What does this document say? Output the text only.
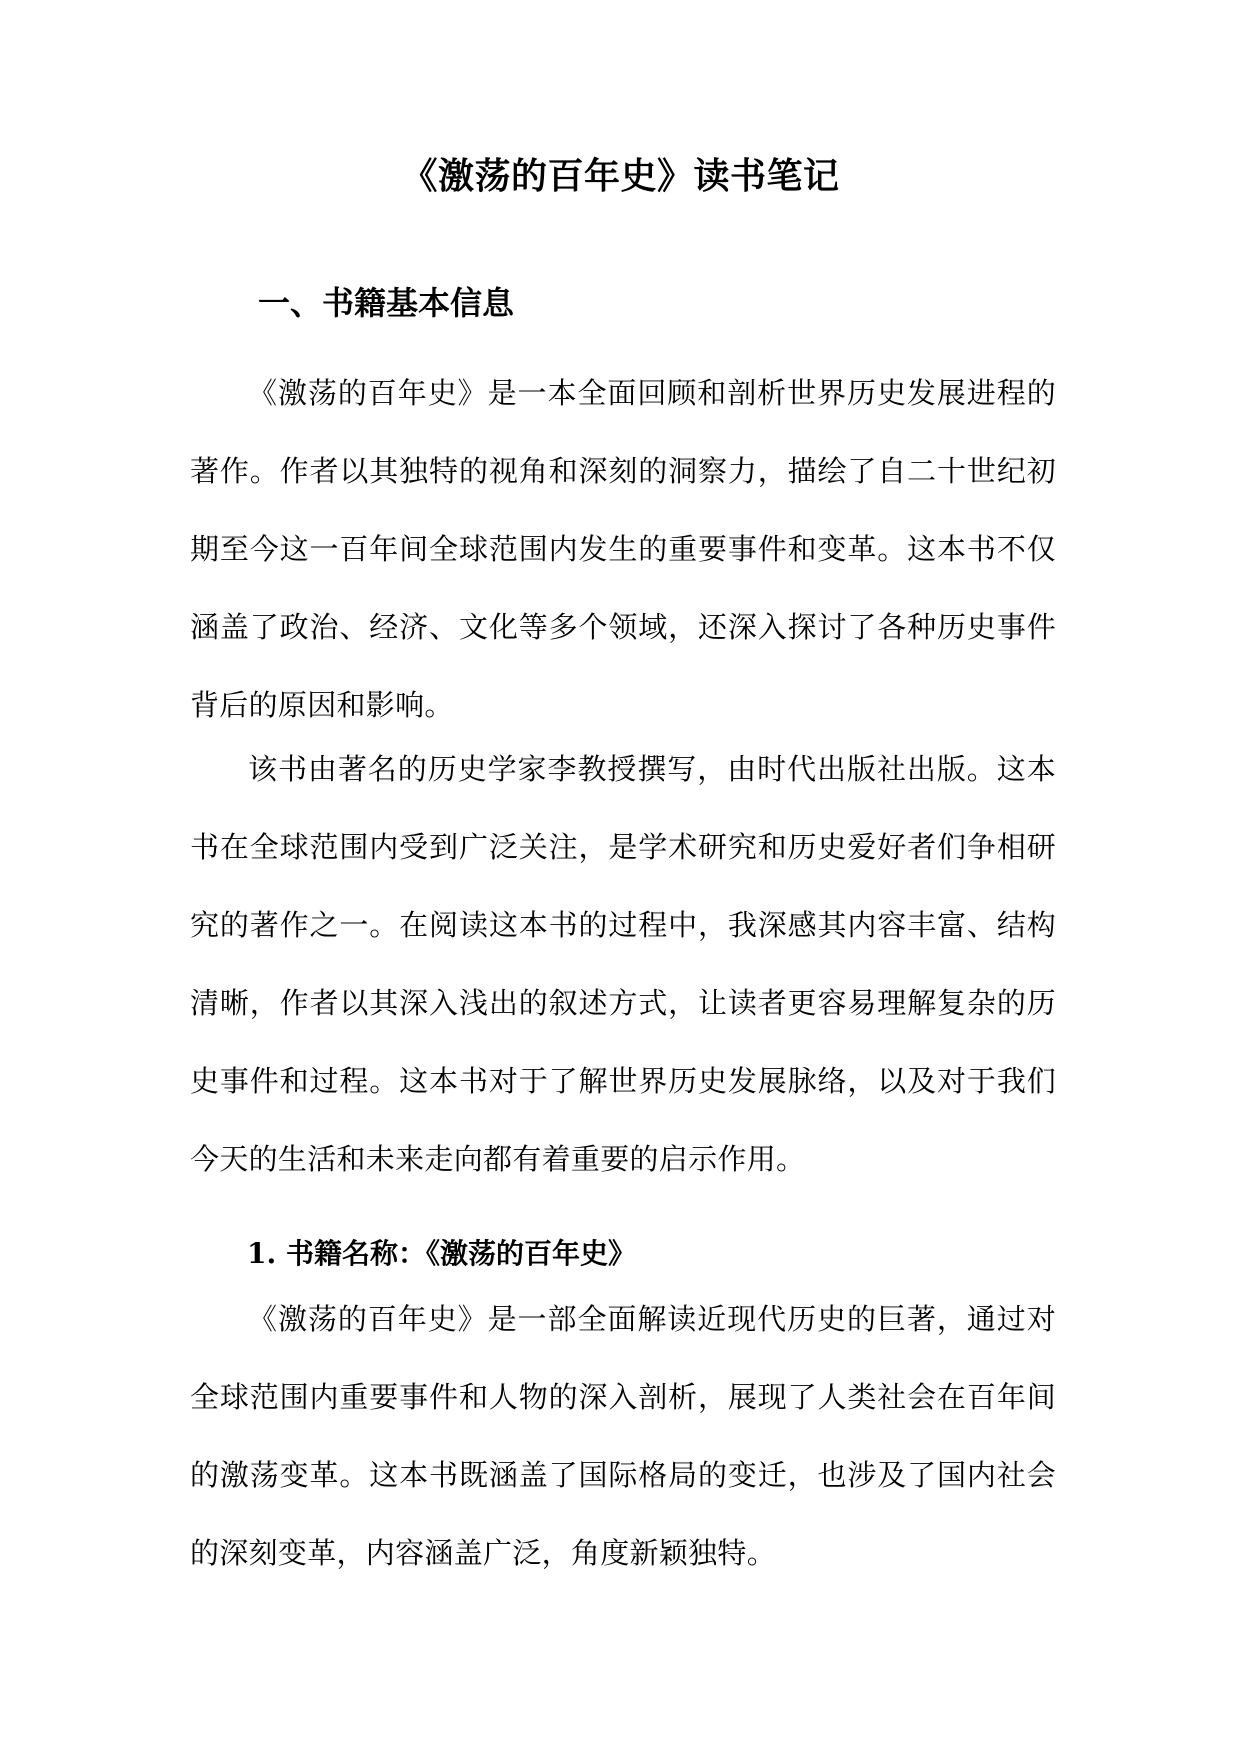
《激荡的百年史》读书笔记
一、书籍基本信息

《激荡的百年史》是一本全面回顾和剖析世界历史发展进程的著作。作者以其独特的视角和深刻的洞察力，描绘了自二十世纪初期至今这一百年间全球范围内发生的重要事件和变革。这本书不仅涵盖了政治、经济、文化等多个领域，还深入探讨了各种历史事件背后的原因和影响。

该书由著名的历史学家李教授撰写，由时代出版社出版。这本书在全球范围内受到广泛关注，是学术研究和历史爱好者们争相研究的著作之一。在阅读这本书的过程中，我深感其内容丰富、结构清晰，作者以其深入浅出的叙述方式，让读者更容易理解复杂的历史事件和过程。这本书对于了解世界历史发展脉络，以及对于我们今天的生活和未来走向都有着重要的启示作用。

1. 书籍名称：《激荡的百年史》

《激荡的百年史》是一部全面解读近现代历史的巨著，通过对全球范围内重要事件和人物的深入剖析，展现了人类社会在百年间的激荡变革。这本书既涵盖了国际格局的变迁，也涉及了国内社会的深刻变革，内容涵盖广泛，角度新颖独特。
